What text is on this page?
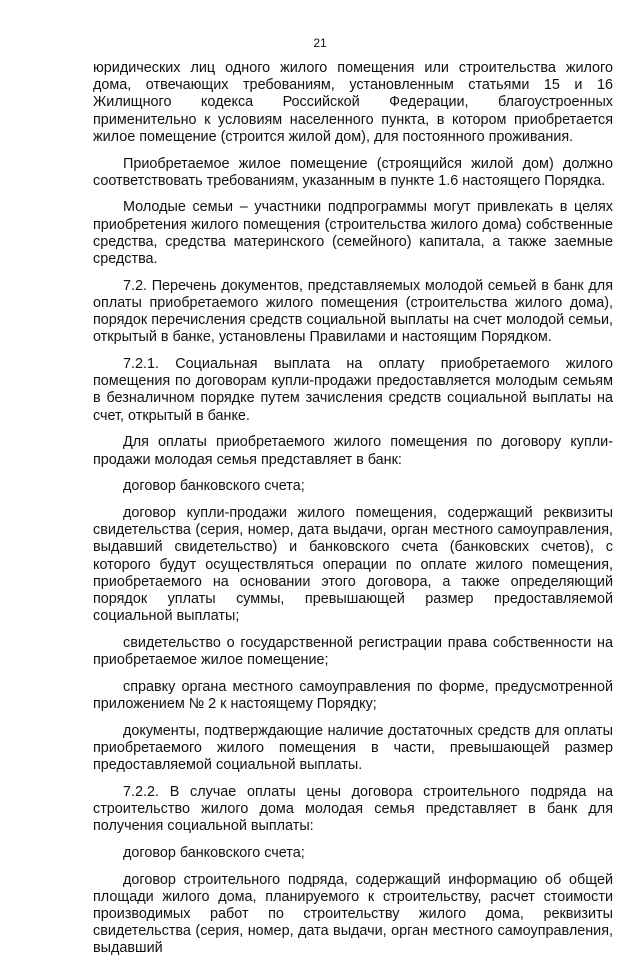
21

юридических лиц одного жилого помещения или строительства жилого дома, отвечающих требованиям, установленным статьями 15 и 16 Жилищного кодекса Российской Федерации, благоустроенных применительно к условиям населенного пункта, в котором приобретается жилое помещение (строится жилой дом), для постоянного проживания.

Приобретаемое жилое помещение (строящийся жилой дом) должно соответствовать требованиям, указанным в пункте 1.6 настоящего Порядка.

Молодые семьи – участники подпрограммы могут привлекать в целях приобретения жилого помещения (строительства жилого дома) собственные средства, средства материнского (семейного) капитала, а также заемные средства.

7.2. Перечень документов, представляемых молодой семьей в банк для оплаты приобретаемого жилого помещения (строительства жилого дома), порядок перечисления средств социальной выплаты на счет молодой семьи, открытый в банке, установлены Правилами и настоящим Порядком.

7.2.1. Социальная выплата на оплату приобретаемого жилого помещения по договорам купли-продажи предоставляется молодым семьям в безналичном порядке путем зачисления средств социальной выплаты на счет, открытый в банке.

Для оплаты приобретаемого жилого помещения по договору купли-продажи молодая семья представляет в банк:

договор банковского счета;

договор купли-продажи жилого помещения, содержащий реквизиты свидетельства (серия, номер, дата выдачи, орган местного самоуправления, выдавший свидетельство) и банковского счета (банковских счетов), с которого будут осуществляться операции по оплате жилого помещения, приобретаемого на основании этого договора, а также определяющий порядок уплаты суммы, превышающей размер предоставляемой социальной выплаты;

свидетельство о государственной регистрации права собственности на приобретаемое жилое помещение;

справку органа местного самоуправления по форме, предусмотренной приложением № 2 к настоящему Порядку;

документы, подтверждающие наличие достаточных средств для оплаты приобретаемого жилого помещения в части, превышающей размер предоставляемой социальной выплаты.

7.2.2. В случае оплаты цены договора строительного подряда на строительство жилого дома молодая семья представляет в банк для получения социальной выплаты:

договор банковского счета;

договор строительного подряда, содержащий информацию об общей площади жилого дома, планируемого к строительству, расчет стоимости производимых работ по строительству жилого дома, реквизиты свидетельства (серия, номер, дата выдачи, орган местного самоуправления, выдавший
